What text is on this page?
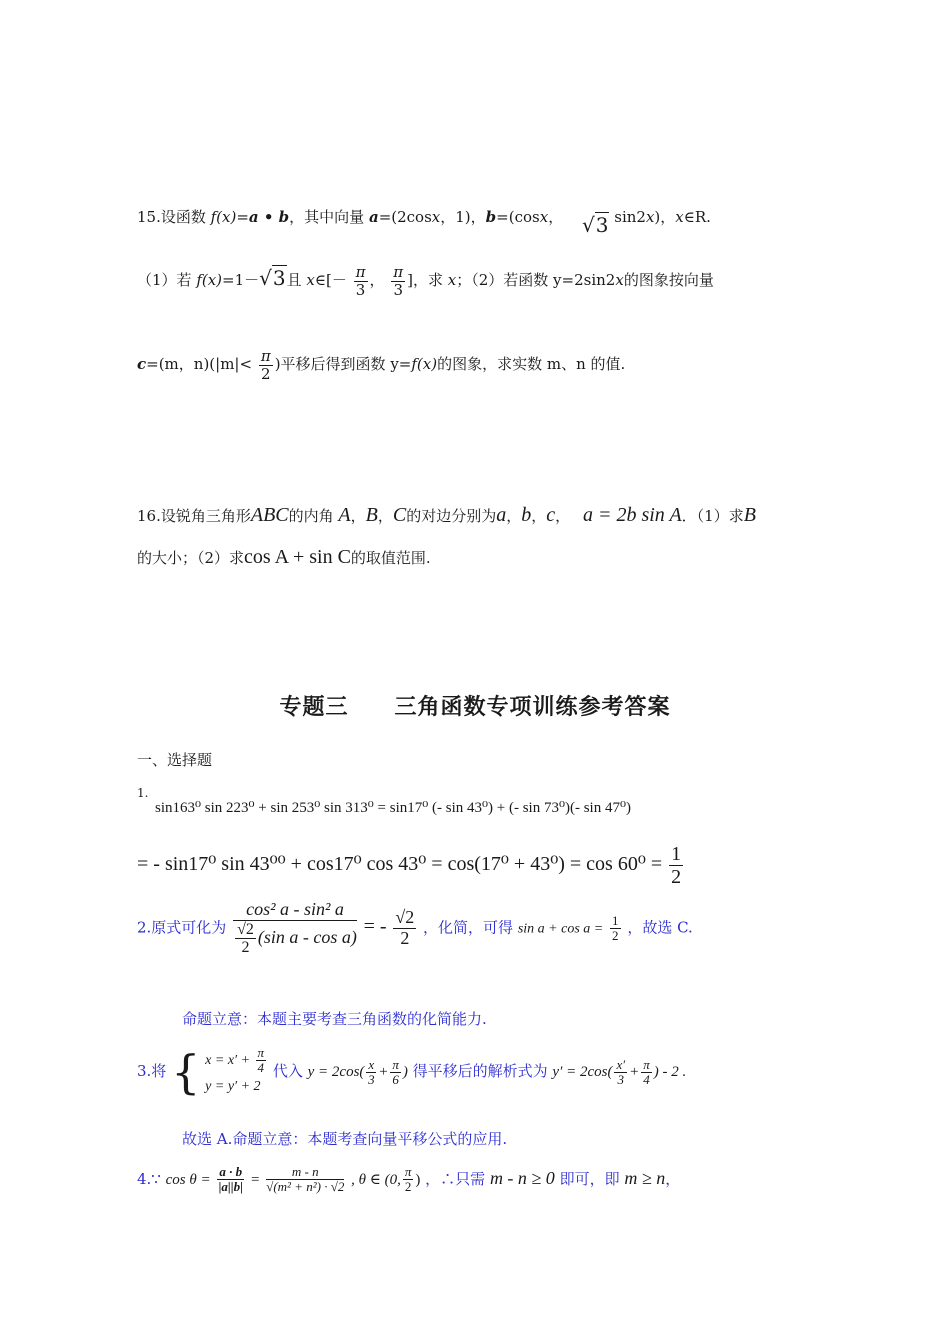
15.设函数 f(x)=a • b，其中向量 a=(2cosx，1)，b=(cosx， √3 sin2x)，x∈R.
（1）若 f(x)=1－√3且 x∈[－ $\frac{\pi}{3}$ ， $\frac{\pi}{3}$ ]，求 x；（2）若函数 y=2sin2x的图象按向量
c=(m，$n)(|m|< \frac{\pi}{2}$ )平移后得到函数 y=f(x)的图象，求实数 m、n 的值.
16.设锐角三角形ABC的内角 A，B，C的对边分别为a，b，c， a = 2b sin A．（1）求B
的大小；（2）求cos A + sin C的取值范围.
专题三　　三角函数专项训练参考答案
一、选择题
1.
sin163⁰ sin 223⁰ + sin 253⁰ sin 313⁰ = sin17⁰ (- sin 43⁰) + (- sin 73⁰)(- sin 47⁰)
= - sin17⁰ sin 43⁰⁰ + cos17⁰ $\cos 43^0 = \cos(17^0 + 43^0) = \cos 60^0 = \frac{1}{2}$
2.原式可化为 $\frac{\text{cos² a - sin² a}}{\frac{√2}{2} (\sin a - \cos a)}$ = - $\frac{√2}{2}$ ，化简，可得 $\sin a + \cos a = \frac{1}{2}$ ，故选 C.
命题立意：本题主要考查三角函数的化简能力.
3.将 { $x = x' + \frac{\pi}{4}$
y = y′ + 2
代入 $y = 2\cos( \frac{x}{3} + \frac{\pi}{6}$ ) 得平移后的解析式为 $y' = 2\cos( \frac{x'}{3} + \frac{\pi}{4}$ ) - 2 .
故选 A.命题立意：本题考查向量平移公式的应用.
4.∵ $\cos \theta = \frac{a \cdot b}{|a||b|} = \frac{m - n}{\text{√(m² + n²) · √2}}$ , θ ∈ (0, $\frac{\pi}{2}$ ) ，∴只需 m - n ≥ 0 即可，即 m ≥ n，
